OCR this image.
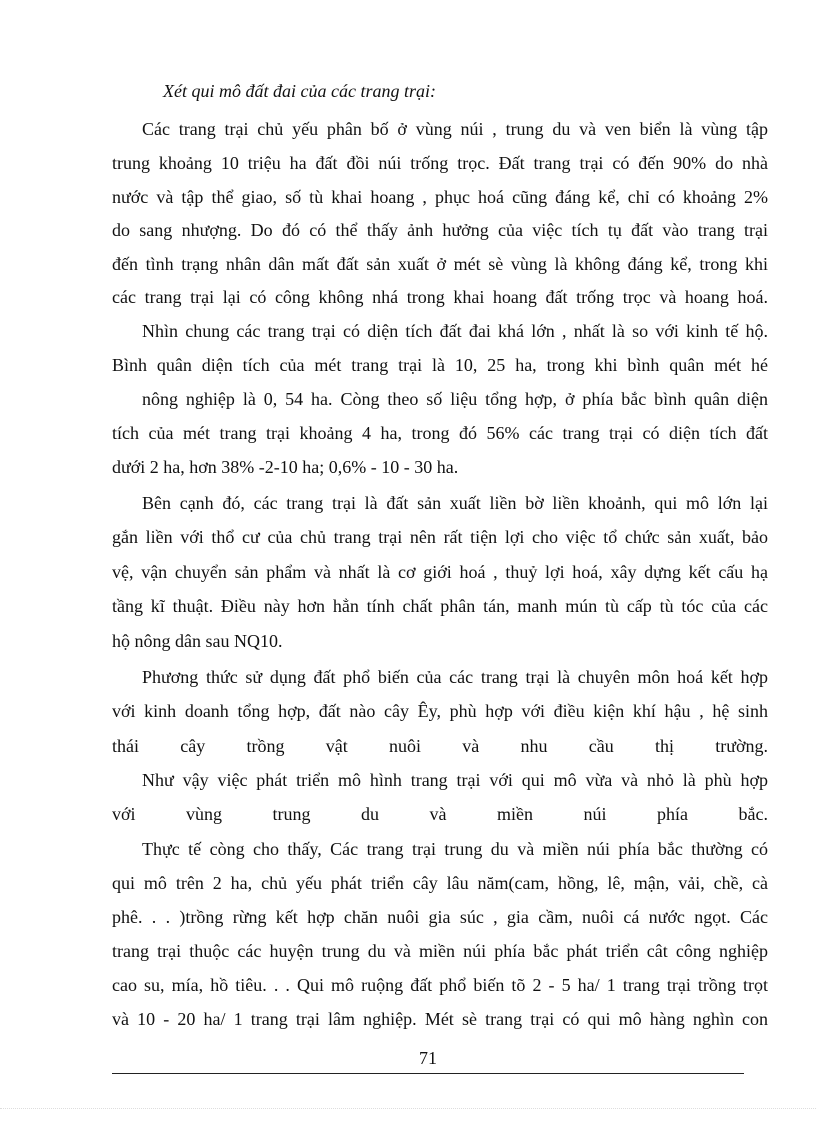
Xét qui mô đất đai của các trang trại:
Các trang trại chủ yếu phân bố ở vùng núi , trung du và ven biển là vùng tập
trung khoảng 10 triệu ha đất đồi núi trống trọc. Đất trang trại có đến 90% do nhà
nước và tập thể giao, số tù khai hoang , phục hoá cũng đáng kể, chỉ có khoảng 2%
do sang nhượng. Do đó có thể thấy ảnh hưởng của việc tích tụ đất vào trang trại
đến tình trạng nhân dân mất đất sản xuất ở mét sè vùng là không đáng kể, trong khi
các trang trại lại có công không nhá trong khai hoang đất trống trọc và hoang hoá.
Nhìn chung các trang trại có diện tích đất đai khá lớn , nhất là so với kinh tế hộ.
Bình quân diện tích của mét trang trại là 10, 25 ha, trong khi bình quân mét hé
nông nghiệp là 0, 54 ha. Còng theo số liệu tổng hợp, ở phía bắc bình quân diện
tích của mét trang trại khoảng 4 ha, trong đó 56% các trang trại có diện tích đất
dưới 2 ha, hơn 38% -2-10 ha; 0,6% - 10 - 30 ha.
Bên cạnh đó, các trang trại là đất sản xuất liền bờ liền khoảnh, qui mô lớn lại
gắn liền với thổ cư của chủ trang trại nên rất tiện lợi cho việc tổ chức sản xuất, bảo
vệ, vận chuyển sản phẩm và nhất là cơ giới hoá , thuỷ lợi hoá, xây dựng kết cấu hạ
tầng kĩ thuật. Điều này hơn hẳn tính chất phân tán, manh mún tù cấp tù tóc của các
hộ nông dân sau NQ10.
Phương thức sử dụng đất phổ biến của các trang trại là chuyên môn hoá kết hợp
với kinh doanh tổng hợp, đất nào cây Êy, phù hợp với điều kiện khí hậu , hệ sinh
thái cây trồng vật nuôi và nhu cầu thị trường.
Như vậy việc phát triển mô hình trang trại với qui mô vừa và nhỏ là phù hợp
với vùng trung du và miền núi phía bắc.
Thực tế còng cho thấy, Các trang trại trung du và miền núi phía bắc thường có
qui mô trên 2 ha, chủ yếu phát triển cây lâu năm(cam, hồng, lê, mận, vải, chề, cà
phê. . . )trồng rừng kết hợp chăn nuôi gia súc , gia cầm, nuôi cá nước ngọt. Các
trang trại thuộc các huyện trung du và miền núi phía bắc phát triển cât công nghiệp
cao su, mía, hồ tiêu. . . Qui mô ruộng đất phổ biến tõ 2 - 5 ha/ 1 trang trại trồng trọt
và 10 - 20 ha/ 1 trang trại lâm nghiệp. Mét sè trang trại có qui mô hàng nghìn con
71
